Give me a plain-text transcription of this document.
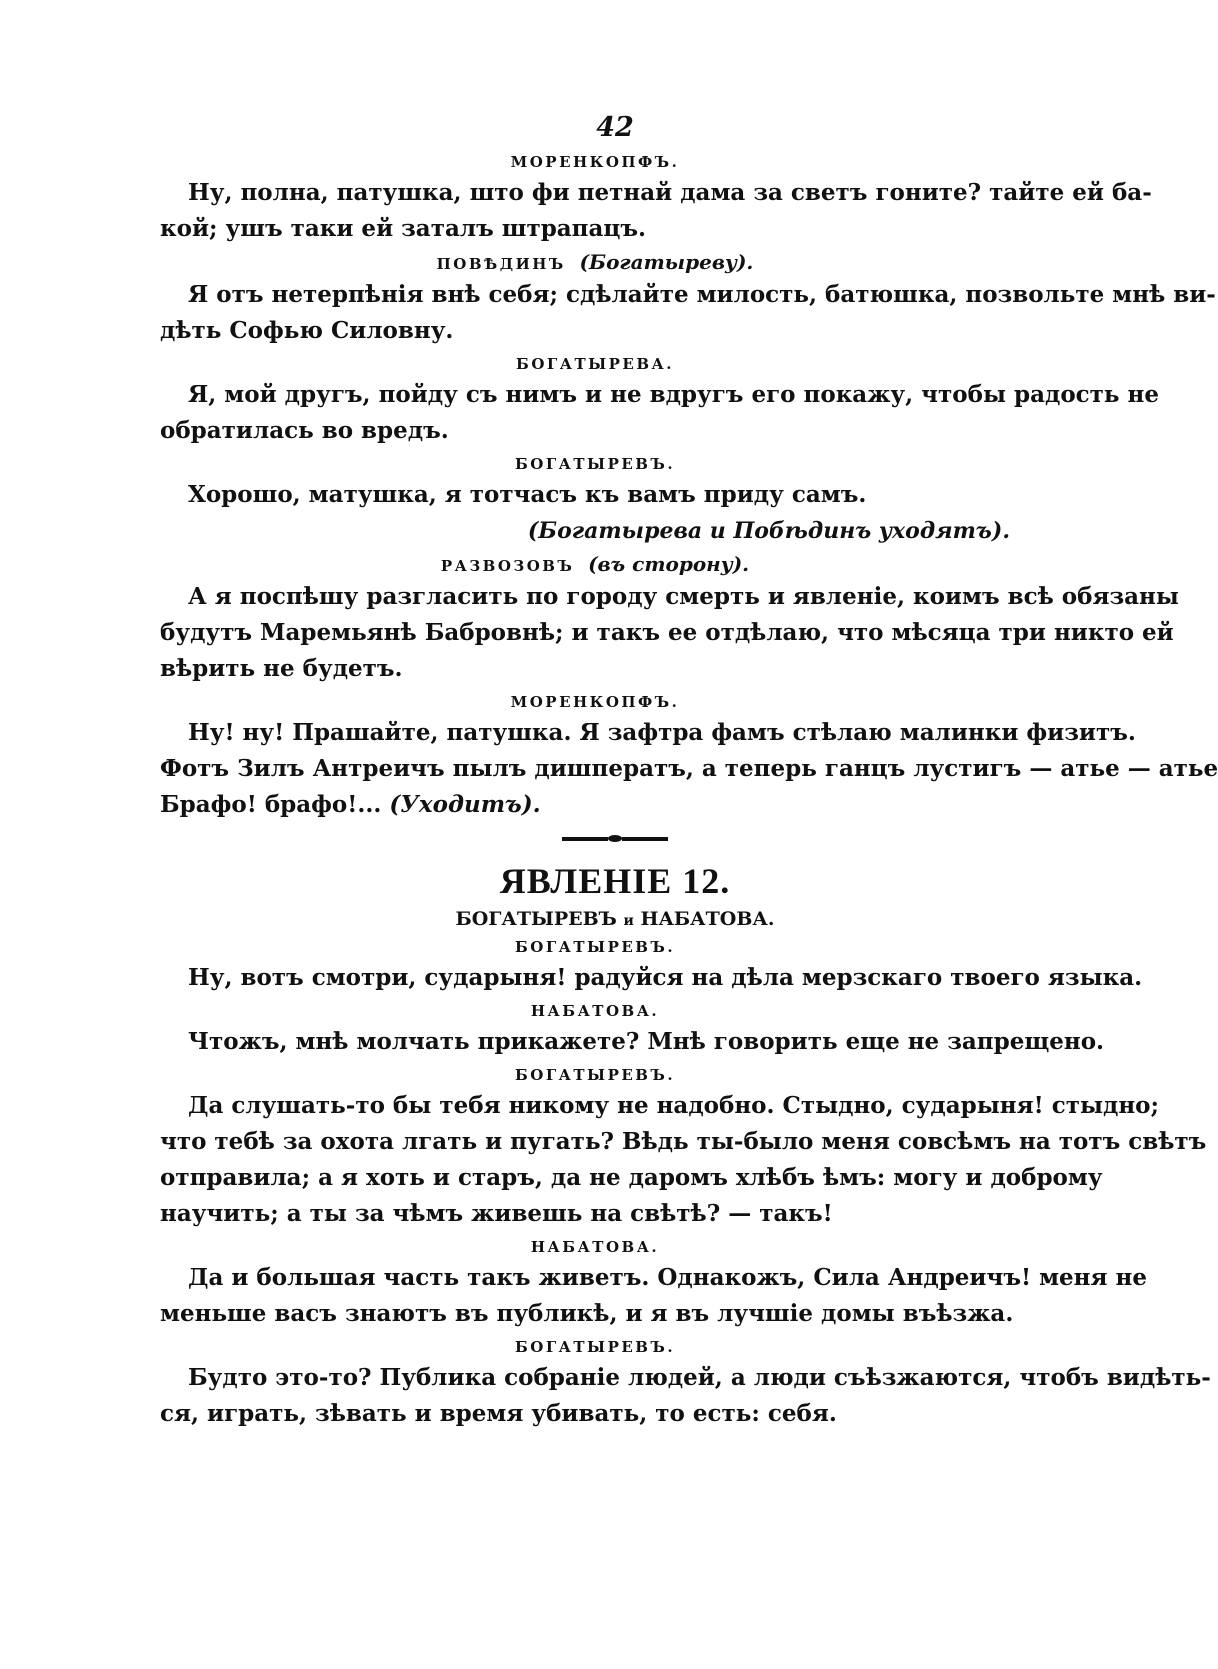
42
МОРЕНКОПФЪ.

Ну, полна, патушка, што фи петнай дама за светъ гоните? тайте ей ба-
кой; ушъ таки ей заталъ штрапацъ.

ПОВѢДИНЪ (Богатыреву).

Я отъ нетерпѣнія внѣ себя; сдѣлайте милость, батюшка, позвольте мнѣ ви-
дѣть Софью Силовну.

БОГАТЫРЕВА.

Я, мой другъ, пойду съ нимъ и не вдругъ его покажу, чтобы радость не
обратилась во вредъ.

БОГАТЫРЕВЪ.

Хорошо, матушка, я тотчасъ къ вамъ приду самъ.

(Богатырева и Побѣдинъ уходятъ).
РАЗВОЗОВЪ (въ сторону).

А я поспѣшу разгласить по городу смерть и явленіе, коимъ всѣ обязаны
будутъ Маремьянѣ Бабровнѣ; и такъ ее отдѣлаю, что мѣсяца три никто ей
вѣрить не будетъ.

МОРЕНКОПФЪ.

Ну! ну! Прашайте, патушка. Я зафтра фамъ стѣлаю малинки физитъ.
Фотъ Зилъ Антреичъ пылъ дишператъ, а теперь ганцъ лустигъ — атье — атье
Брафо! брафо!... (Уходитъ).

ЯВЛЕНІЕ 12.
БОГАТЫРЕВЪ и НАБАТОВА.
БОГАТЫРЕВЪ.

Ну, вотъ смотри, сударыня! радуйся на дѣла мерзскаго твоего языка.

НАБАТОВА.

Чтожъ, мнѣ молчать прикажете? Мнѣ говорить еще не запрещено.

БОГАТЫРЕВЪ.

Да слушать-то бы тебя никому не надобно. Стыдно, сударыня! стыдно;
что тебѣ за охота лгать и пугать? Вѣдь ты-было меня совсѣмъ на тотъ свѣтъ
отправила; а я хоть и старъ, да не даромъ хлѣбъ ѣмъ: могу и доброму
научить; а ты за чѣмъ живешь на свѣтѣ? — такъ!

НАБАТОВА.

Да и большая часть такъ живетъ. Однакожъ, Сила Андреичъ! меня не
меньше васъ знаютъ въ публикѣ, и я въ лучшіе домы въѣзжа.

БОГАТЫРЕВЪ.

Будто это-то? Публика собраніе людей, а люди съѣзжаются, чтобъ видѣть-
ся, играть, зѣвать и время убивать, то есть: себя.
